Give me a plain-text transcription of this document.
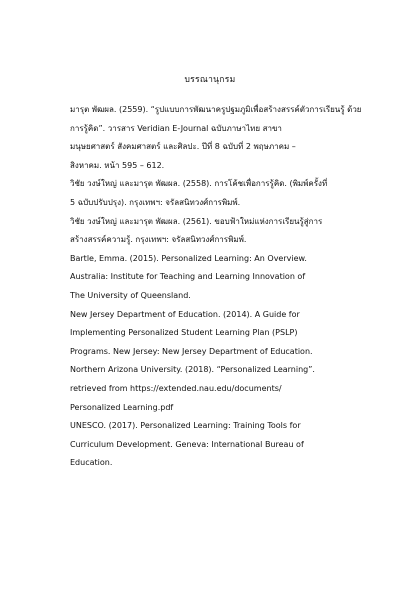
บรรณานุกรม

มารุต พัฒผล. (2559). “รูปแบบการพัฒนาครูปฐมภูมิเพื่อสร้างสรรค์ตัวการเรียนรู้ ด้วย
การรู้คิด”. วารสาร Veridian E-Journal ฉบับภาษาไทย สาขา
มนุษยศาสตร์ สังคมศาสตร์ และศิลปะ. ปีที่ 8 ฉบับที่ 2 พฤษภาคม –
สิงหาคม. หน้า 595 – 612.

วิชัย วงษ์ใหญ่ และมารุต พัฒผล. (2558). การโค้ชเพื่อการรู้คิด. (พิมพ์ครั้งที่
5 ฉบับปรับปรุง). กรุงเทพฯ: จรัลสนิทวงศ์การพิมพ์.

วิชัย วงษ์ใหญ่ และมารุต พัฒผล. (2561). ขอบฟ้าใหม่แห่งการเรียนรู้สู่การ
สร้างสรรค์ความรู้. กรุงเทพฯ: จรัลสนิทวงศ์การพิมพ์.

Bartle, Emma. (2015). Personalized Learning: An Overview.
Australia: Institute for Teaching and Learning Innovation of
The University of Queensland.

New Jersey Department of Education. (2014). A Guide for
Implementing Personalized Student Learning Plan (PSLP)
Programs. New Jersey: New Jersey Department of Education.

Northern Arizona University. (2018). “Personalized Learning”.
retrieved from https://extended.nau.edu/documents/
Personalized Learning.pdf

UNESCO. (2017). Personalized Learning: Training Tools for
Curriculum Development. Geneva: International Bureau of
Education.
